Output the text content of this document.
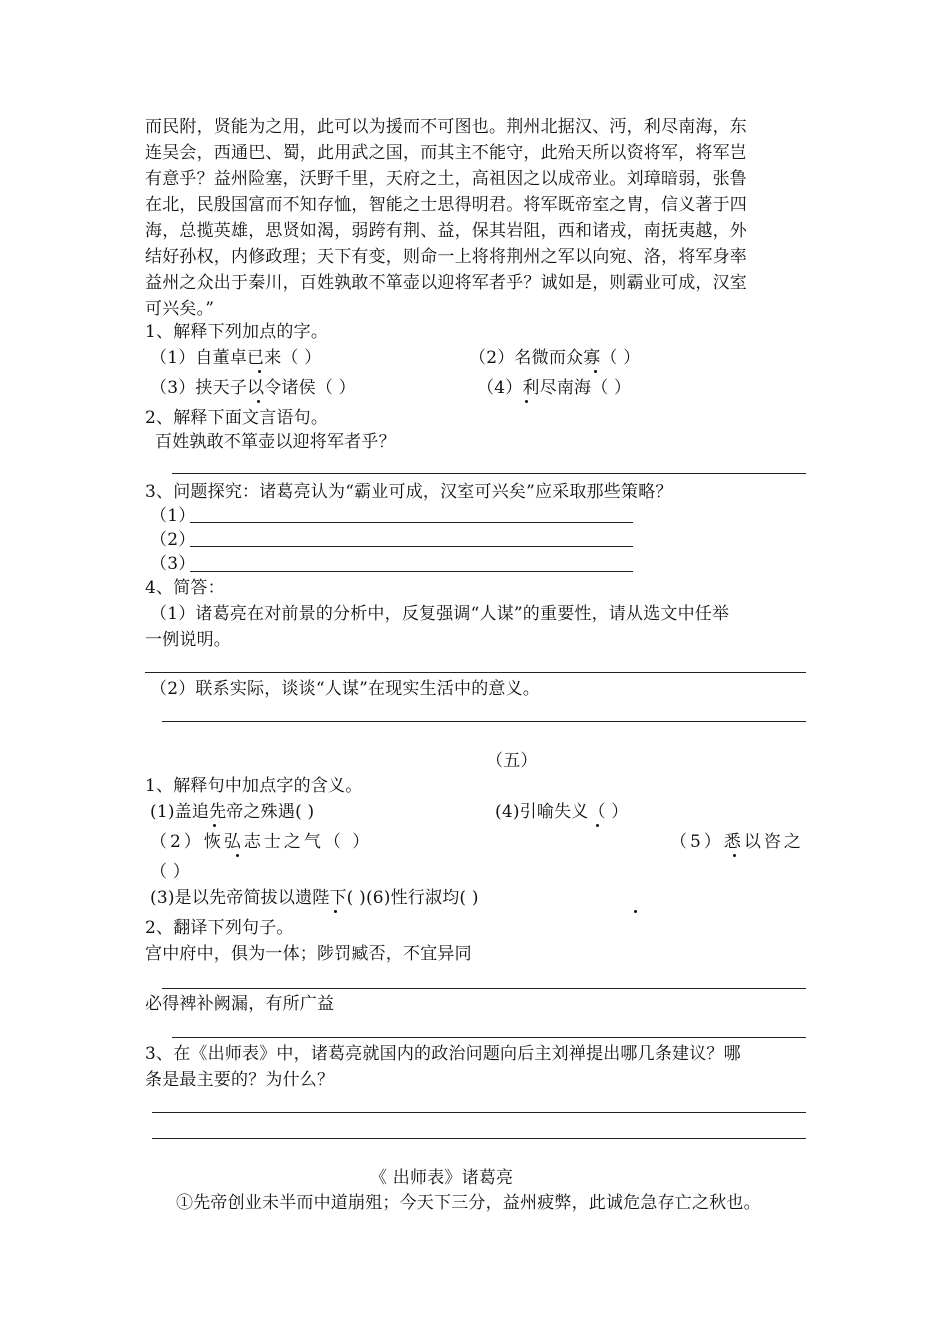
而民附，贤能为之用，此可以为援而不可图也。荆州北据汉、沔，利尽南海，东
连吴会，西通巴、蜀，此用武之国，而其主不能守，此殆天所以资将军，将军岂
有意乎？益州险塞，沃野千里，天府之土，高祖因之以成帝业。刘璋暗弱，张鲁
在北，民殷国富而不知存恤，智能之士思得明君。将军既帝室之胄，信义著于四
海，总揽英雄，思贤如渴，弱跨有荆、益，保其岩阻，西和诸戎，南抚夷越，外
结好孙权，内修政理；天下有变，则命一上将将荆州之军以向宛、洛，将军身率
益州之众出于秦川，百姓孰敢不箪壶以迎将军者乎？诚如是，则霸业可成，汉室
可兴矣。”
1、解释下列加点的字。
（1）自董卓已来（ ）	（2）名微而众寡（ ）
（3）挟天子以令诸侯（ ）	（4）利尽南海（ ）
2、解释下面文言语句。
百姓孰敢不箪壶以迎将军者乎？
3、问题探究：诸葛亮认为“霸业可成，汉室可兴矣”应采取那些策略？
（1）
（2）
（3）
4、简答：
（1）诸葛亮在对前景的分析中，反复强调“人谋”的重要性，请从选文中任举
一例说明。
（2）联系实际，谈谈“人谋”在现实生活中的意义。
（五）
1、解释句中加点字的含义。
(1)盖追先帝之殊遇( )	(4)引喻失义（ ）
（2）恢弘志士之气（ ）	（5）悉以咨之
（ ）
(3)是以先帝简拔以遗陛下( )(6)性行淑均( )
2、翻译下列句子。
宫中府中，俱为一体；陟罚臧否，不宜异同
必得裨补阙漏，有所广益
3、在《出师表》中，诸葛亮就国内的政治问题向后主刘禅提出哪几条建议？哪
条是最主要的？为什么？
《 出师表》诸葛亮
①先帝创业未半而中道崩殂；今天下三分，益州疲弊，此诚危急存亡之秋也。
